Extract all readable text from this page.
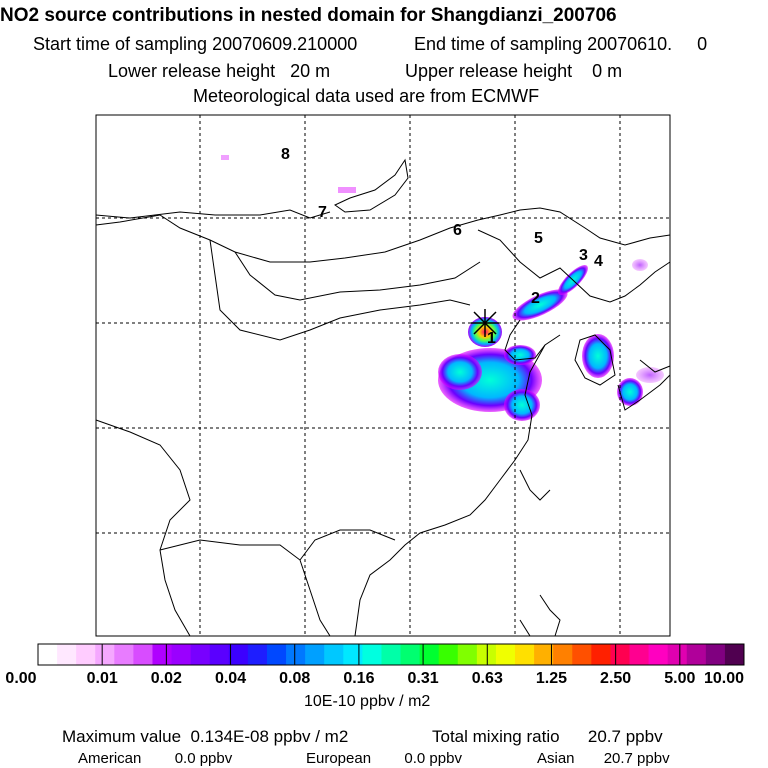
NO2 source contributions in nested domain for Shangdianzi_200706
Start time of sampling 20070609.210000	End time of sampling 20070610.     0
Lower release height   20 m	Upper release height    0 m
Meteorological data used are from ECMWF
1
2
3 4
5
6
7
8
0.00	0.01 0.02 0.04 0.08 0.16 0.31 0.63 1.25 2.50 5.00 10.00
10E-10 ppbv / m2
Maximum value  0.134E-08 ppbv / m2	Total mixing ratio      20.7 ppbv
American        0.0 ppbv	European        0.0 ppbv	Asian       20.7 ppbv
